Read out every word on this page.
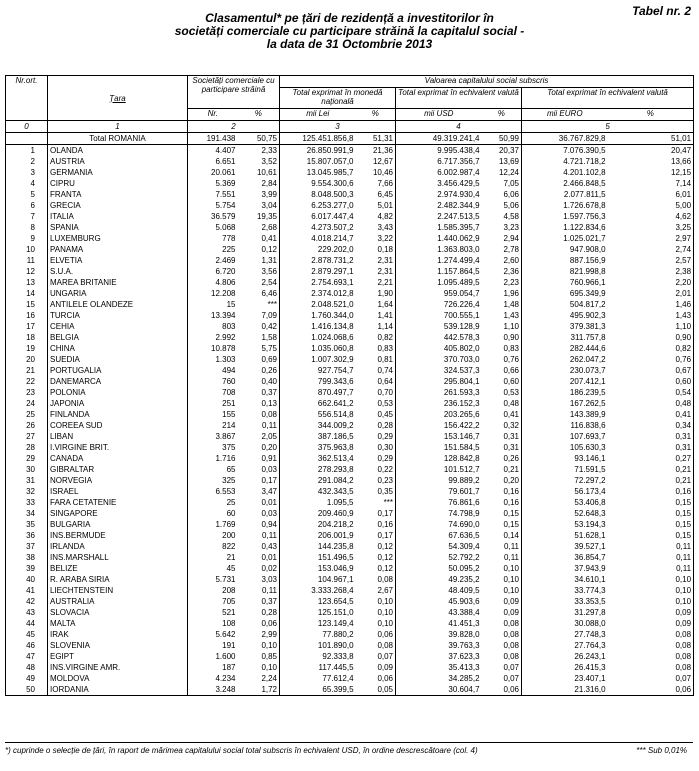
Tabel nr. 2
Clasamentul* pe țări de rezidență a investitorilor în
societăți comerciale cu participare străină la capitalul social -
la data de 31 Octombrie 2013
Nr.ort.	Țara	Societăți comerciale cu participare străină		Valoarea capitalului social subscris					
				Total exprimat în monedă națională		Total exprimat în echivalent valută		Total exprimat în echivalent valută	
		Nr.	%	mii Lei	%	mii USD	%	mii EURO	%
0	1	2		3		4		5	
	Total ROMANIA	191.438	50,75	125.451.856,8	51,31	49.319.241,4	50,99	36.767.829,8	51,01
1	OLANDA	4.407	2,33	26.850.991,9	21,36	9.995.438,4	20,37	7.076.390,5	20,47
2	AUSTRIA	6.651	3,52	15.807.057,0	12,67	6.717.356,7	13,69	4.721.718,2	13,66
3	GERMANIA	20.061	10,61	13.045.985,7	10,46	6.002.987,4	12,24	4.201.102,8	12,15
4	CIPRU	5.369	2,84	9.554.300,6	7,66	3.456.429,5	7,05	2.466.848,5	7,14
5	FRANTA	7.551	3,99	8.048.500,3	6,45	2.974.930,4	6,06	2.077.811,5	6,01
6	GRECIA	5.754	3,04	6.253.277,0	5,01	2.482.344,9	5,06	1.726.678,8	5,00
7	ITALIA	36.579	19,35	6.017.447,4	4,82	2.247.513,5	4,58	1.597.756,3	4,62
8	SPANIA	5.068	2,68	4.273.507,2	3,43	1.585.395,7	3,23	1.122.834,6	3,25
9	LUXEMBURG	778	0,41	4.018.214,7	3,22	1.440.062,9	2,94	1.025.021,7	2,97
10	PANAMA	225	0,12	229.202,0	0,18	1.363.803,0	2,78	947.908,0	2,74
11	ELVETIA	2.469	1,31	2.878.731,2	2,31	1.274.499,4	2,60	887.156,9	2,57
12	S.U.A.	6.720	3,56	2.879.297,1	2,31	1.157.864,5	2,36	821.998,8	2,38
13	MAREA BRITANIE	4.806	2,54	2.754.693,1	2,21	1.095.489,5	2,23	760.966,1	2,20
14	UNGARIA	12.208	6,46	2.374.012,8	1,90	959.054,7	1,96	695.349,9	2,01
15	ANTILELE OLANDEZE	15	***	2.048.521,0	1,64	726.226,4	1,48	504.817,2	1,46
16	TURCIA	13.394	7,09	1.760.344,0	1,41	700.555,1	1,43	495.902,3	1,43
17	CEHIA	803	0,42	1.416.134,8	1,14	539.128,9	1,10	379.381,3	1,10
18	BELGIA	2.992	1,58	1.024.068,6	0,82	442.578,3	0,90	311.757,8	0,90
19	CHINA	10.878	5,75	1.035.060,8	0,83	405.802,0	0,83	282.444,6	0,82
20	SUEDIA	1.303	0,69	1.007.302,9	0,81	370.703,0	0,76	262.047,2	0,76
21	PORTUGALIA	494	0,26	927.754,7	0,74	324.537,3	0,66	230.073,7	0,67
22	DANEMARCA	760	0,40	799.343,6	0,64	295.804,1	0,60	207.412,1	0,60
23	POLONIA	708	0,37	870.497,7	0,70	261.593,3	0,53	186.239,5	0,54
24	JAPONIA	251	0,13	662.641,2	0,53	236.152,3	0,48	167.262,5	0,48
25	FINLANDA	155	0,08	556.514,8	0,45	203.265,6	0,41	143.389,9	0,41
26	COREEA SUD	214	0,11	344.009,2	0,28	156.422,2	0,32	116.838,6	0,34
27	LIBAN	3.867	2,05	387.186,5	0,29	153.146,7	0,31	107.693,7	0,31
28	I.VIRGINE BRIT.	375	0,20	375.963,8	0,30	151.584,5	0,31	105.630,3	0,31
29	CANADA	1.716	0,91	362.513,4	0,29	128.842,8	0,26	93.146,1	0,27
30	GIBRALTAR	65	0,03	278.293,8	0,22	101.512,7	0,21	71.591,5	0,21
31	NORVEGIA	325	0,17	291.084,2	0,23	99.889,2	0,20	72.297,2	0,21
32	ISRAEL	6.553	3,47	432.343,5	0,35	79.601,7	0,16	56.173,4	0,16
33	FARA CETATENIE	25	0,01	1.095,5	***	76.861,6	0,16	53.406,8	0,15
34	SINGAPORE	60	0,03	209.460,9	0,17	74.798,9	0,15	52.648,3	0,15
35	BULGARIA	1.769	0,94	204.218,2	0,16	74.690,0	0,15	53.194,3	0,15
36	INS.BERMUDE	200	0,11	206.001,9	0,17	67.636,5	0,14	51.628,1	0,15
37	IRLANDA	822	0,43	144.235,8	0,12	54.309,4	0,11	39.527,1	0,11
38	INS.MARSHALL	21	0,01	151.496,5	0,12	52.792,2	0,11	36.854,7	0,11
39	BELIZE	45	0,02	153.046,9	0,12	50.095,2	0,10	37.943,9	0,11
40	R. ARABA SIRIA	5.731	3,03	104.967,1	0,08	49.235,2	0,10	34.610,1	0,10
41	LIECHTENSTEIN	208	0,11	3.333.268,4	2,67	48.409,5	0,10	33.774,3	0,10
42	AUSTRALIA	705	0,37	123.654,5	0,10	45.903,6	0,09	33.353,5	0,10
43	SLOVACIA	521	0,28	125.151,0	0,10	43.388,4	0,09	31.297,8	0,09
44	MALTA	108	0,06	123.149,4	0,10	41.451,3	0,08	30.088,0	0,09
45	IRAK	5.642	2,99	77.880,2	0,06	39.828,0	0,08	27.748,3	0,08
46	SLOVENIA	191	0,10	101.890,0	0,08	39.763,3	0,08	27.764,3	0,08
47	EGIPT	1.600	0,85	92.333,8	0,07	37.623,3	0,08	26.243,1	0,08
48	INS.VIRGINE AMR.	187	0,10	117.445,5	0,09	35.413,3	0,07	26.415,3	0,08
49	MOLDOVA	4.234	2,24	77.612,4	0,06	34.285,2	0,07	23.407,1	0,07
50	IORDANIA	3.248	1,72	65.399,5	0,05	30.604,7	0,06	21.316,0	0,06
*) cuprinde o selecție de țări, în raport de mărimea capitalului social total subscris în echivalent USD, în ordine descrescătoare (col. 4)	*** Sub 0,01%
